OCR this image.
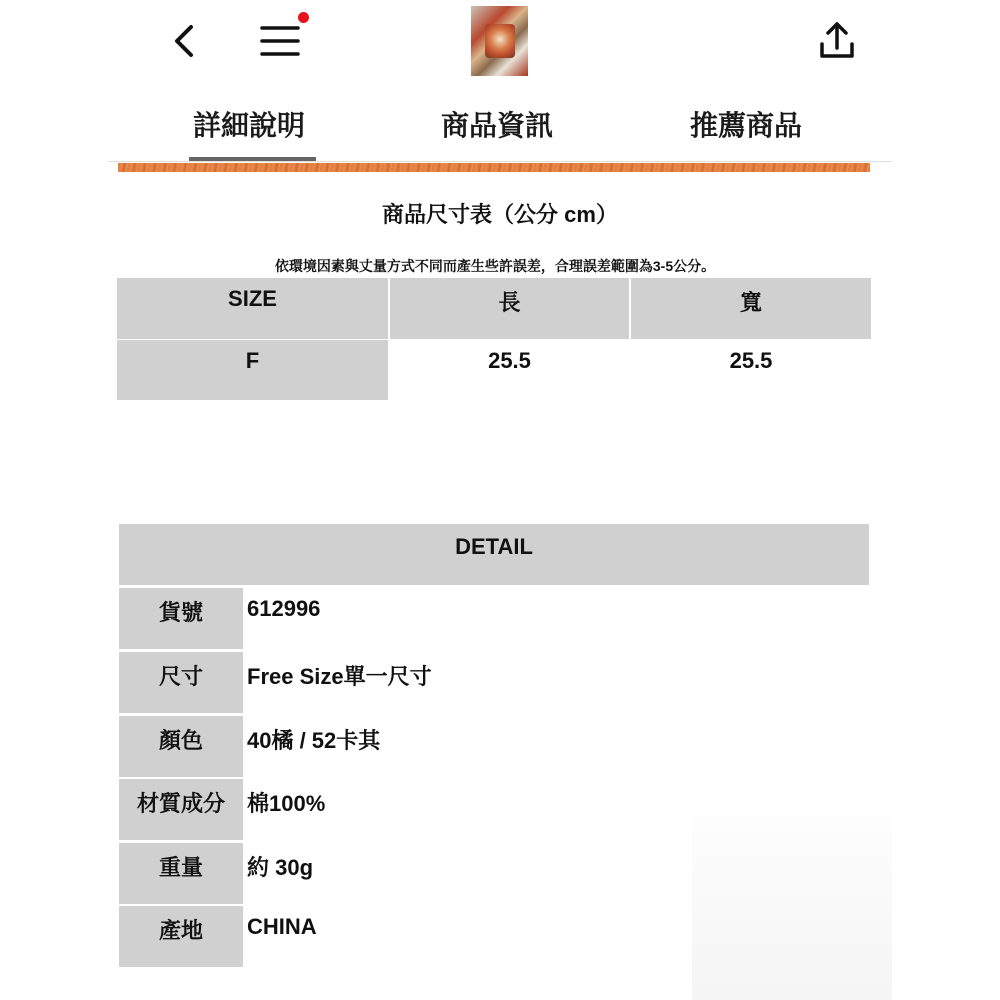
詳細說明	商品資訊	推薦商品
商品尺寸表（公分 cm）
依環境因素與丈量方式不同而產生些許誤差，合理誤差範圍為3-5公分。
SIZE	長	寬
F	25.5	25.5
DETAIL
貨號	612996
尺寸	Free Size單一尺寸
顏色	40橘 / 52卡其
材質成分	棉100%
重量	約 30g
產地	CHINA
